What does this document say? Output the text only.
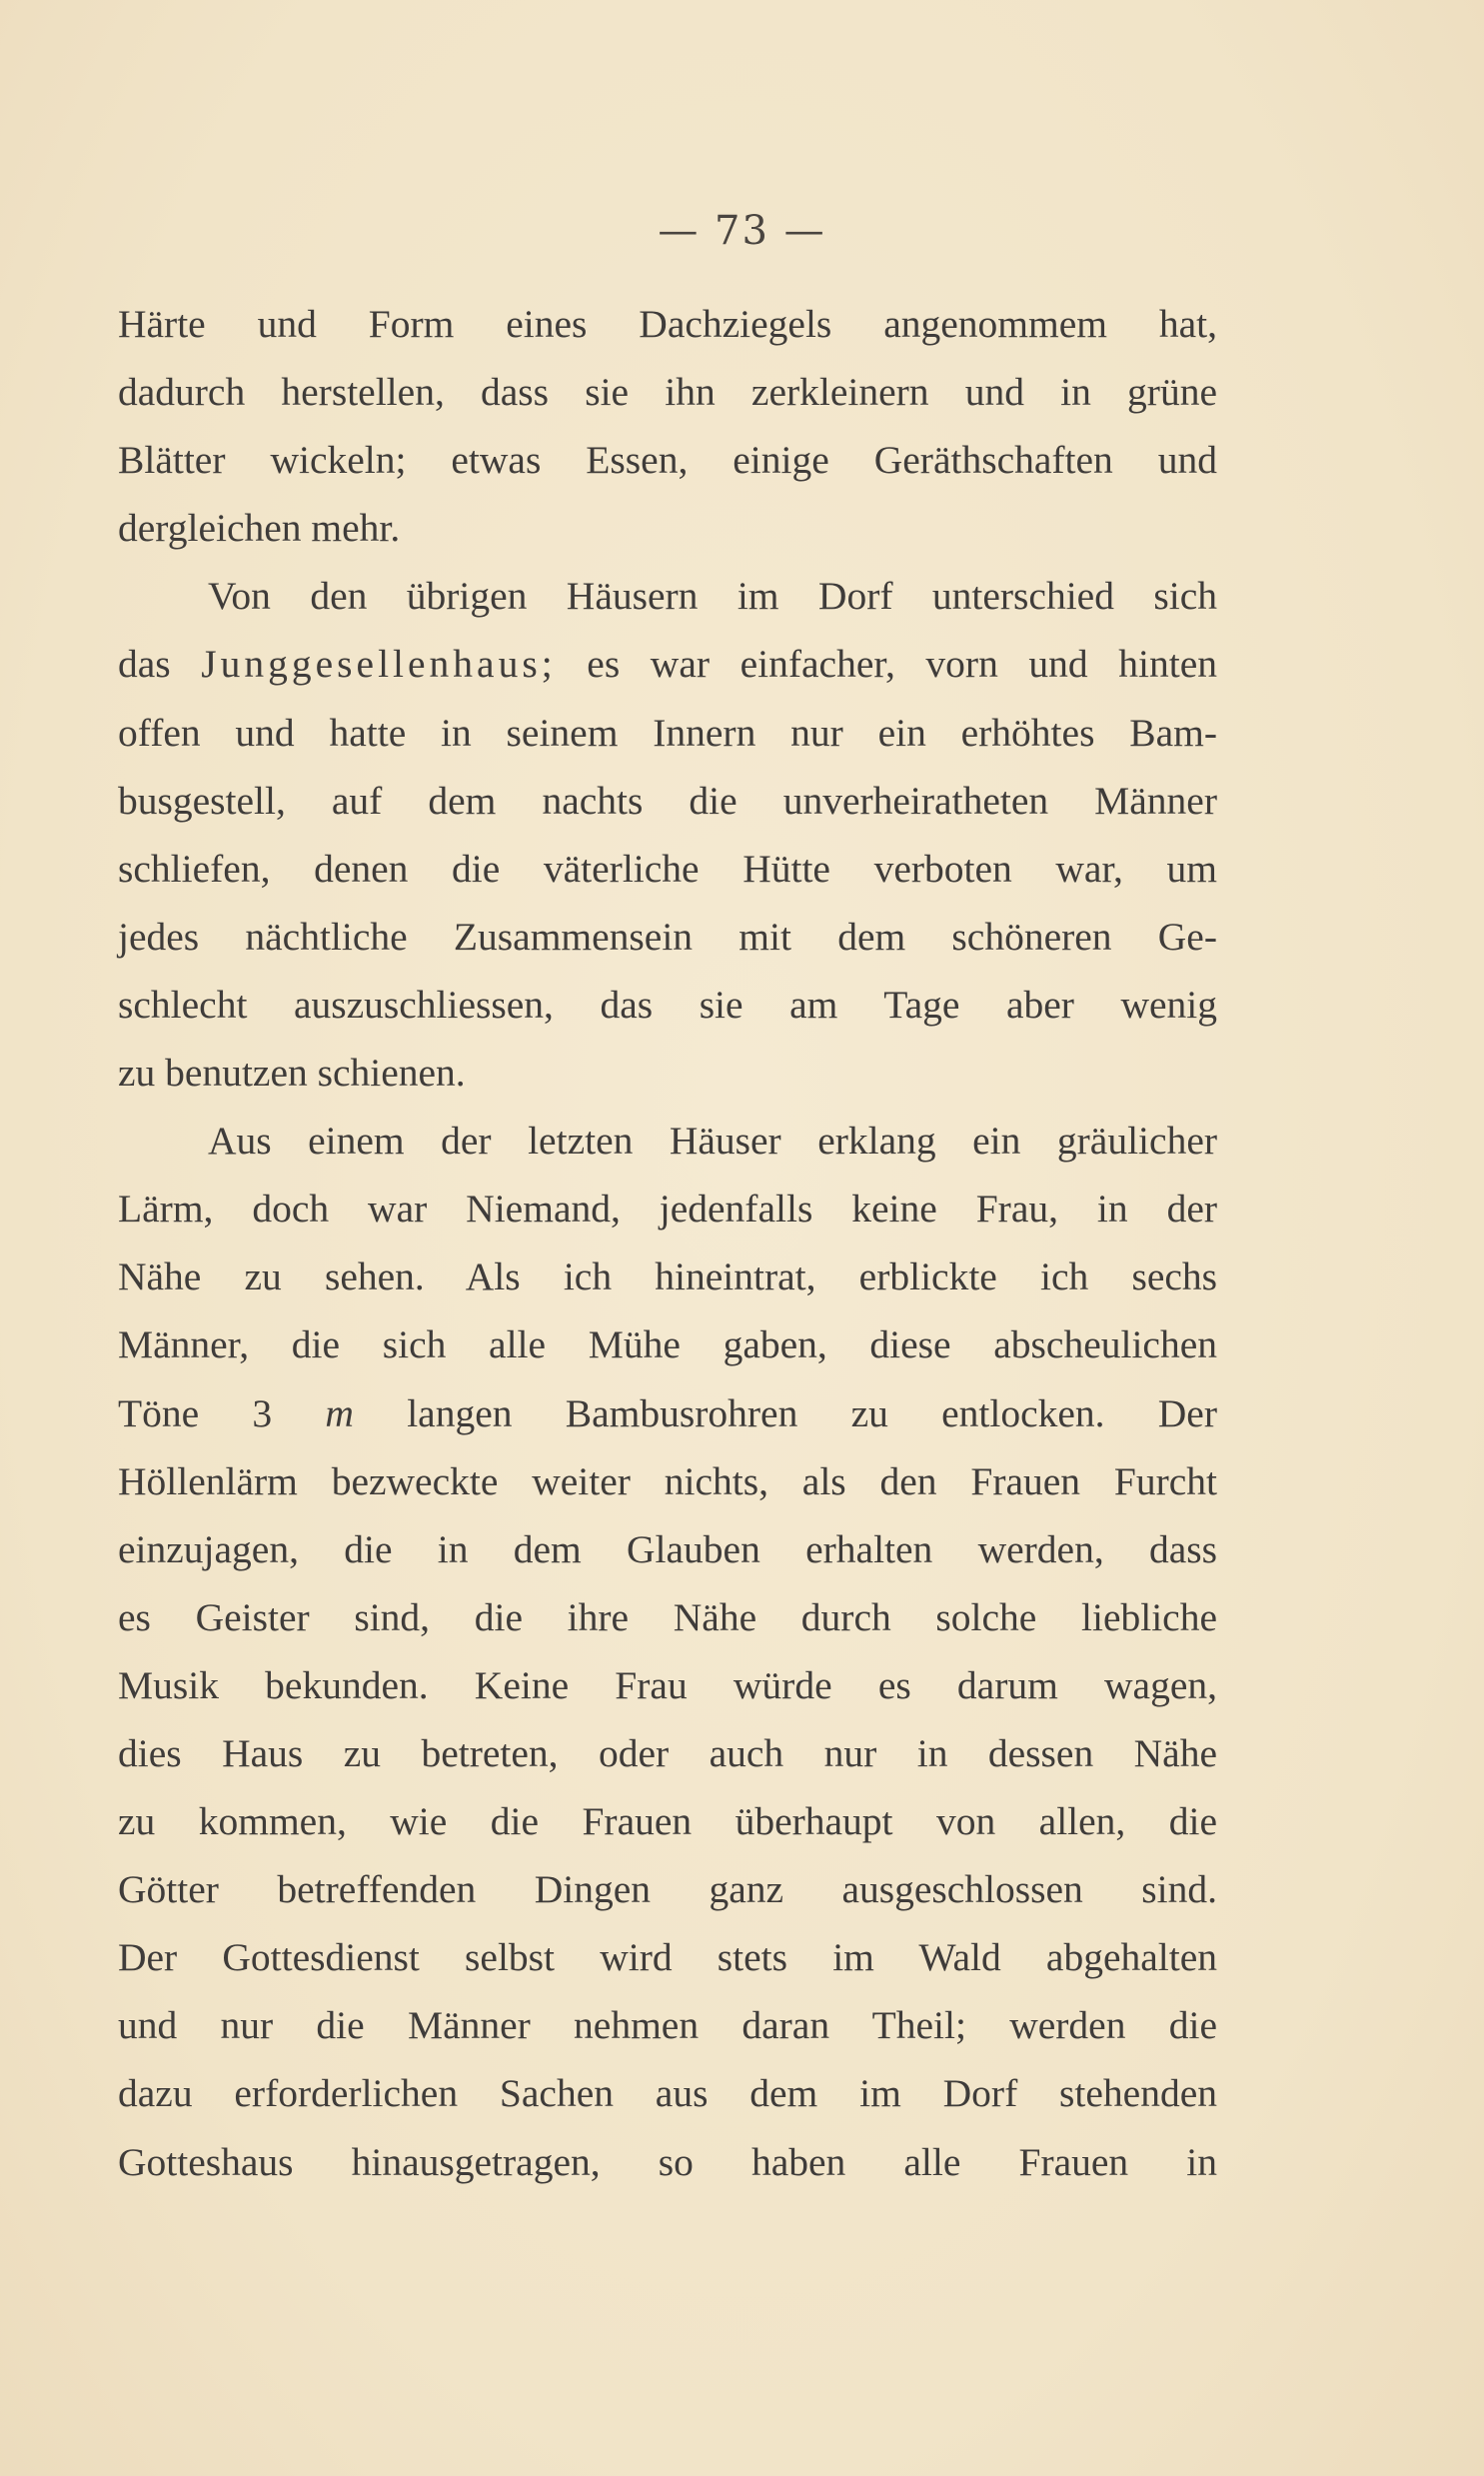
— 73 —
Härte und Form eines Dachziegels angenommem hat,
dadurch herstellen, dass sie ihn zerkleinern und in grüne
Blätter wickeln; etwas Essen, einige Geräthschaften und
dergleichen mehr.
Von den übrigen Häusern im Dorf unterschied sich
das Junggesellenhaus; es war einfacher, vorn und hinten
offen und hatte in seinem Innern nur ein erhöhtes Bam-
busgestell, auf dem nachts die unverheiratheten Männer
schliefen, denen die väterliche Hütte verboten war, um
jedes nächtliche Zusammensein mit dem schöneren Ge-
schlecht auszuschliessen, das sie am Tage aber wenig
zu benutzen schienen.
Aus einem der letzten Häuser erklang ein gräulicher
Lärm, doch war Niemand, jedenfalls keine Frau, in der
Nähe zu sehen. Als ich hineintrat, erblickte ich sechs
Männer, die sich alle Mühe gaben, diese abscheulichen
Töne 3 m langen Bambusrohren zu entlocken. Der
Höllenlärm bezweckte weiter nichts, als den Frauen Furcht
einzujagen, die in dem Glauben erhalten werden, dass
es Geister sind, die ihre Nähe durch solche liebliche
Musik bekunden. Keine Frau würde es darum wagen,
dies Haus zu betreten, oder auch nur in dessen Nähe
zu kommen, wie die Frauen überhaupt von allen, die
Götter betreffenden Dingen ganz ausgeschlossen sind.
Der Gottesdienst selbst wird stets im Wald abgehalten
und nur die Männer nehmen daran Theil; werden die
dazu erforderlichen Sachen aus dem im Dorf stehenden
Gotteshaus hinausgetragen, so haben alle Frauen in
